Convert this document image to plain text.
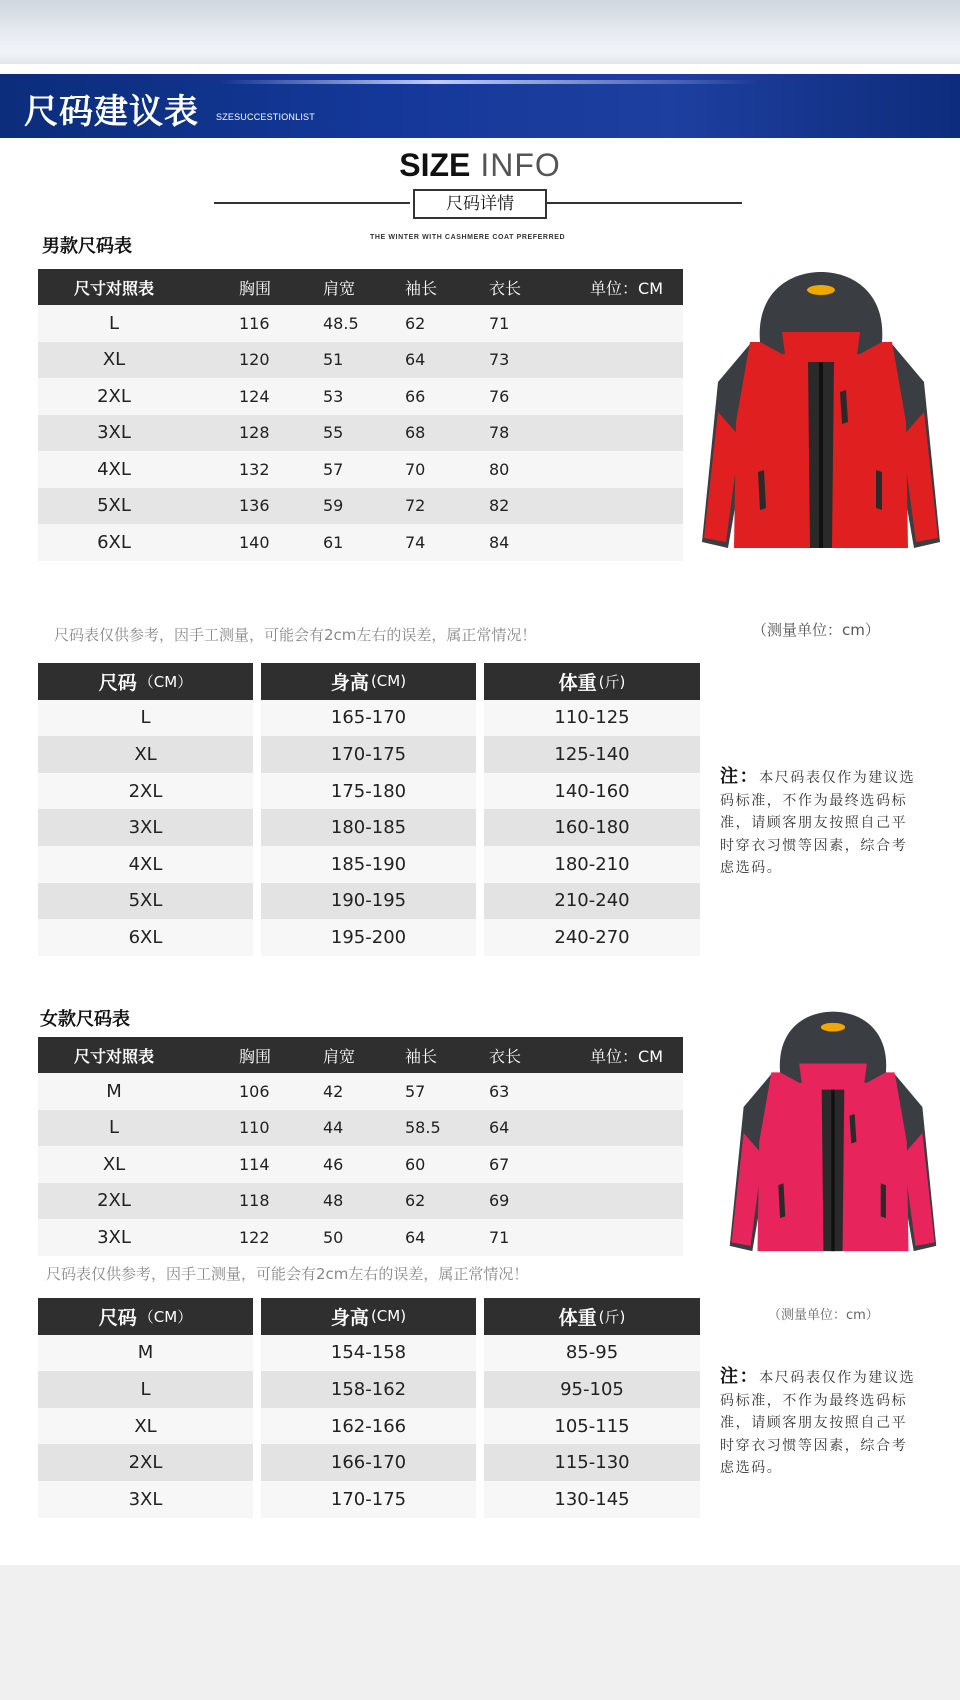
尺码建议表 SZESUCCESTIONLIST
SIZE INFO
尺码详情
THE WINTER WITH CASHMERE COAT PREFERRED
男款尺码表
尺寸对照表	胸围	肩宽	袖长	衣长	单位：CM
L	116	48.5	62	71
XL	120	51	64	73
2XL	124	53	66	76
3XL	128	55	68	78
4XL	132	57	70	80
5XL	136	59	72	82
6XL	140	61	74	84
尺码表仅供参考，因手工测量，可能会有2cm左右的误差，属正常情况！	（测量单位：cm）
尺码 （CM）	身高 (CM)	体重 (斤)
L	165-170	110-125
XL	170-175	125-140
2XL	175-180	140-160
3XL	180-185	160-180
4XL	185-190	180-210
5XL	190-195	210-240
6XL	195-200	240-270
注：本尺码表仅作为建议选码标准，不作为最终选码标准，请顾客朋友按照自己平时穿衣习惯等因素，综合考虑选码。
女款尺码表
尺寸对照表	胸围	肩宽	袖长	衣长	单位：CM
M	106	42	57	63
L	110	44	58.5	64
XL	114	46	60	67
2XL	118	48	62	69
3XL	122	50	64	71
尺码表仅供参考，因手工测量，可能会有2cm左右的误差，属正常情况！
（测量单位：cm）
尺码 （CM）	身高 (CM)	体重 (斤)
M	154-158	85-95
L	158-162	95-105
XL	162-166	105-115
2XL	166-170	115-130
3XL	170-175	130-145
注：本尺码表仅作为建议选码标准，不作为最终选码标准，请顾客朋友按照自己平时穿衣习惯等因素，综合考虑选码。
